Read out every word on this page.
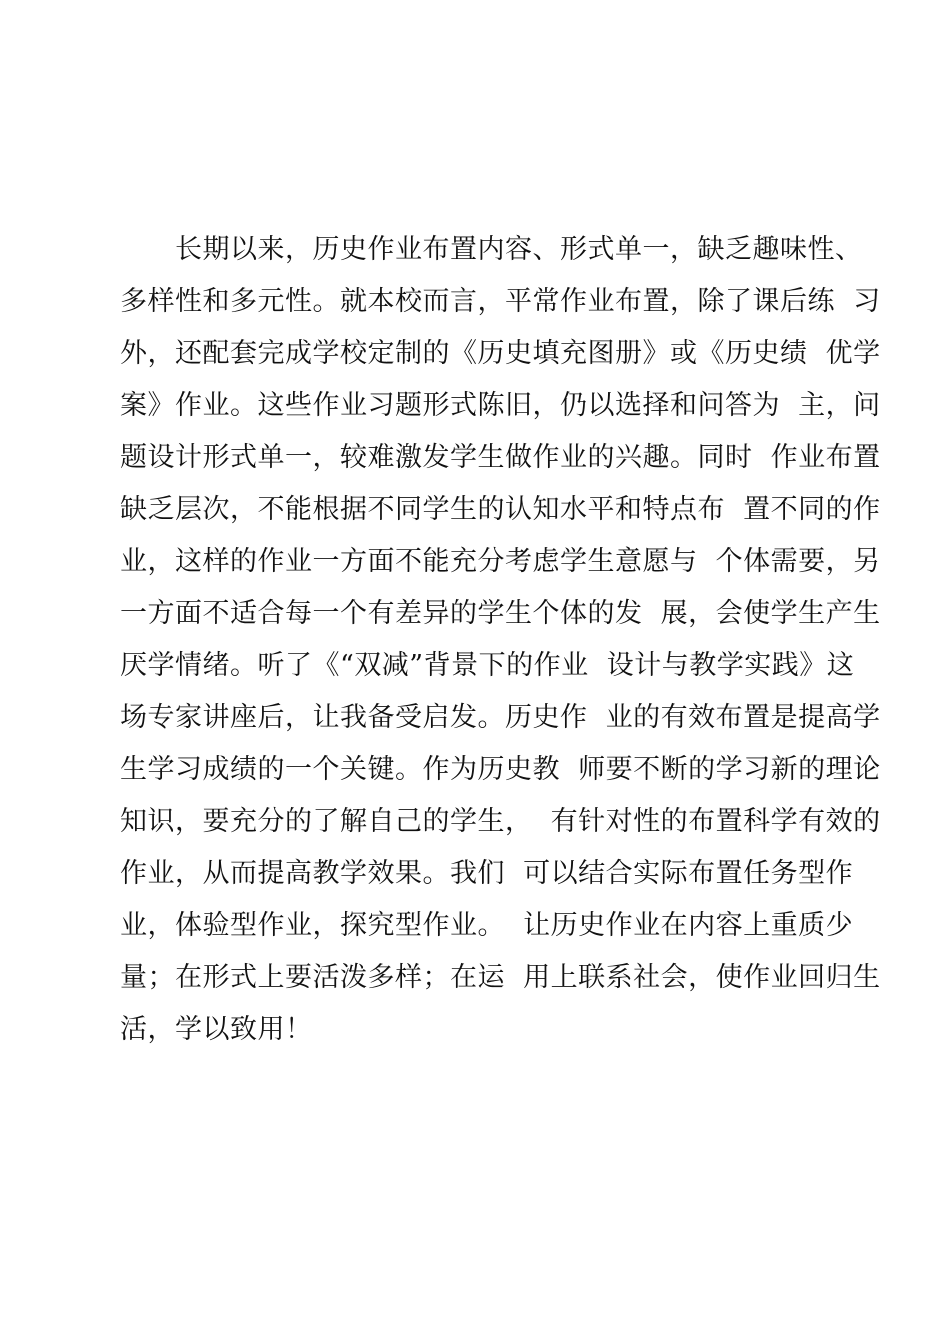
长期以来，历史作业布置内容、形式单一，缺乏趣味性、
多样性和多元性。就本校而言，平常作业布置，除了课后练  习
外，还配套完成学校定制的《历史填充图册》或《历史绩  优学
案》作业。这些作业习题形式陈旧，仍以选择和问答为  主，问
题设计形式单一，较难激发学生做作业的兴趣。同时  作业布置
缺乏层次，不能根据不同学生的认知水平和特点布  置不同的作
业，这样的作业一方面不能充分考虑学生意愿与  个体需要，另
一方面不适合每一个有差异的学生个体的发  展，会使学生产生
厌学情绪。听了《“双减”背景下的作业  设计与教学实践》这
场专家讲座后，让我备受启发。历史作  业的有效布置是提高学
生学习成绩的一个关键。作为历史教  师要不断的学习新的理论
知识，要充分的了解自己的学生，  有针对性的布置科学有效的
作业，从而提高教学效果。我们  可以结合实际布置任务型作
业，体验型作业，探究型作业。  让历史作业在内容上重质少
量；在形式上要活泼多样；在运  用上联系社会，使作业回归生
活，学以致用！
